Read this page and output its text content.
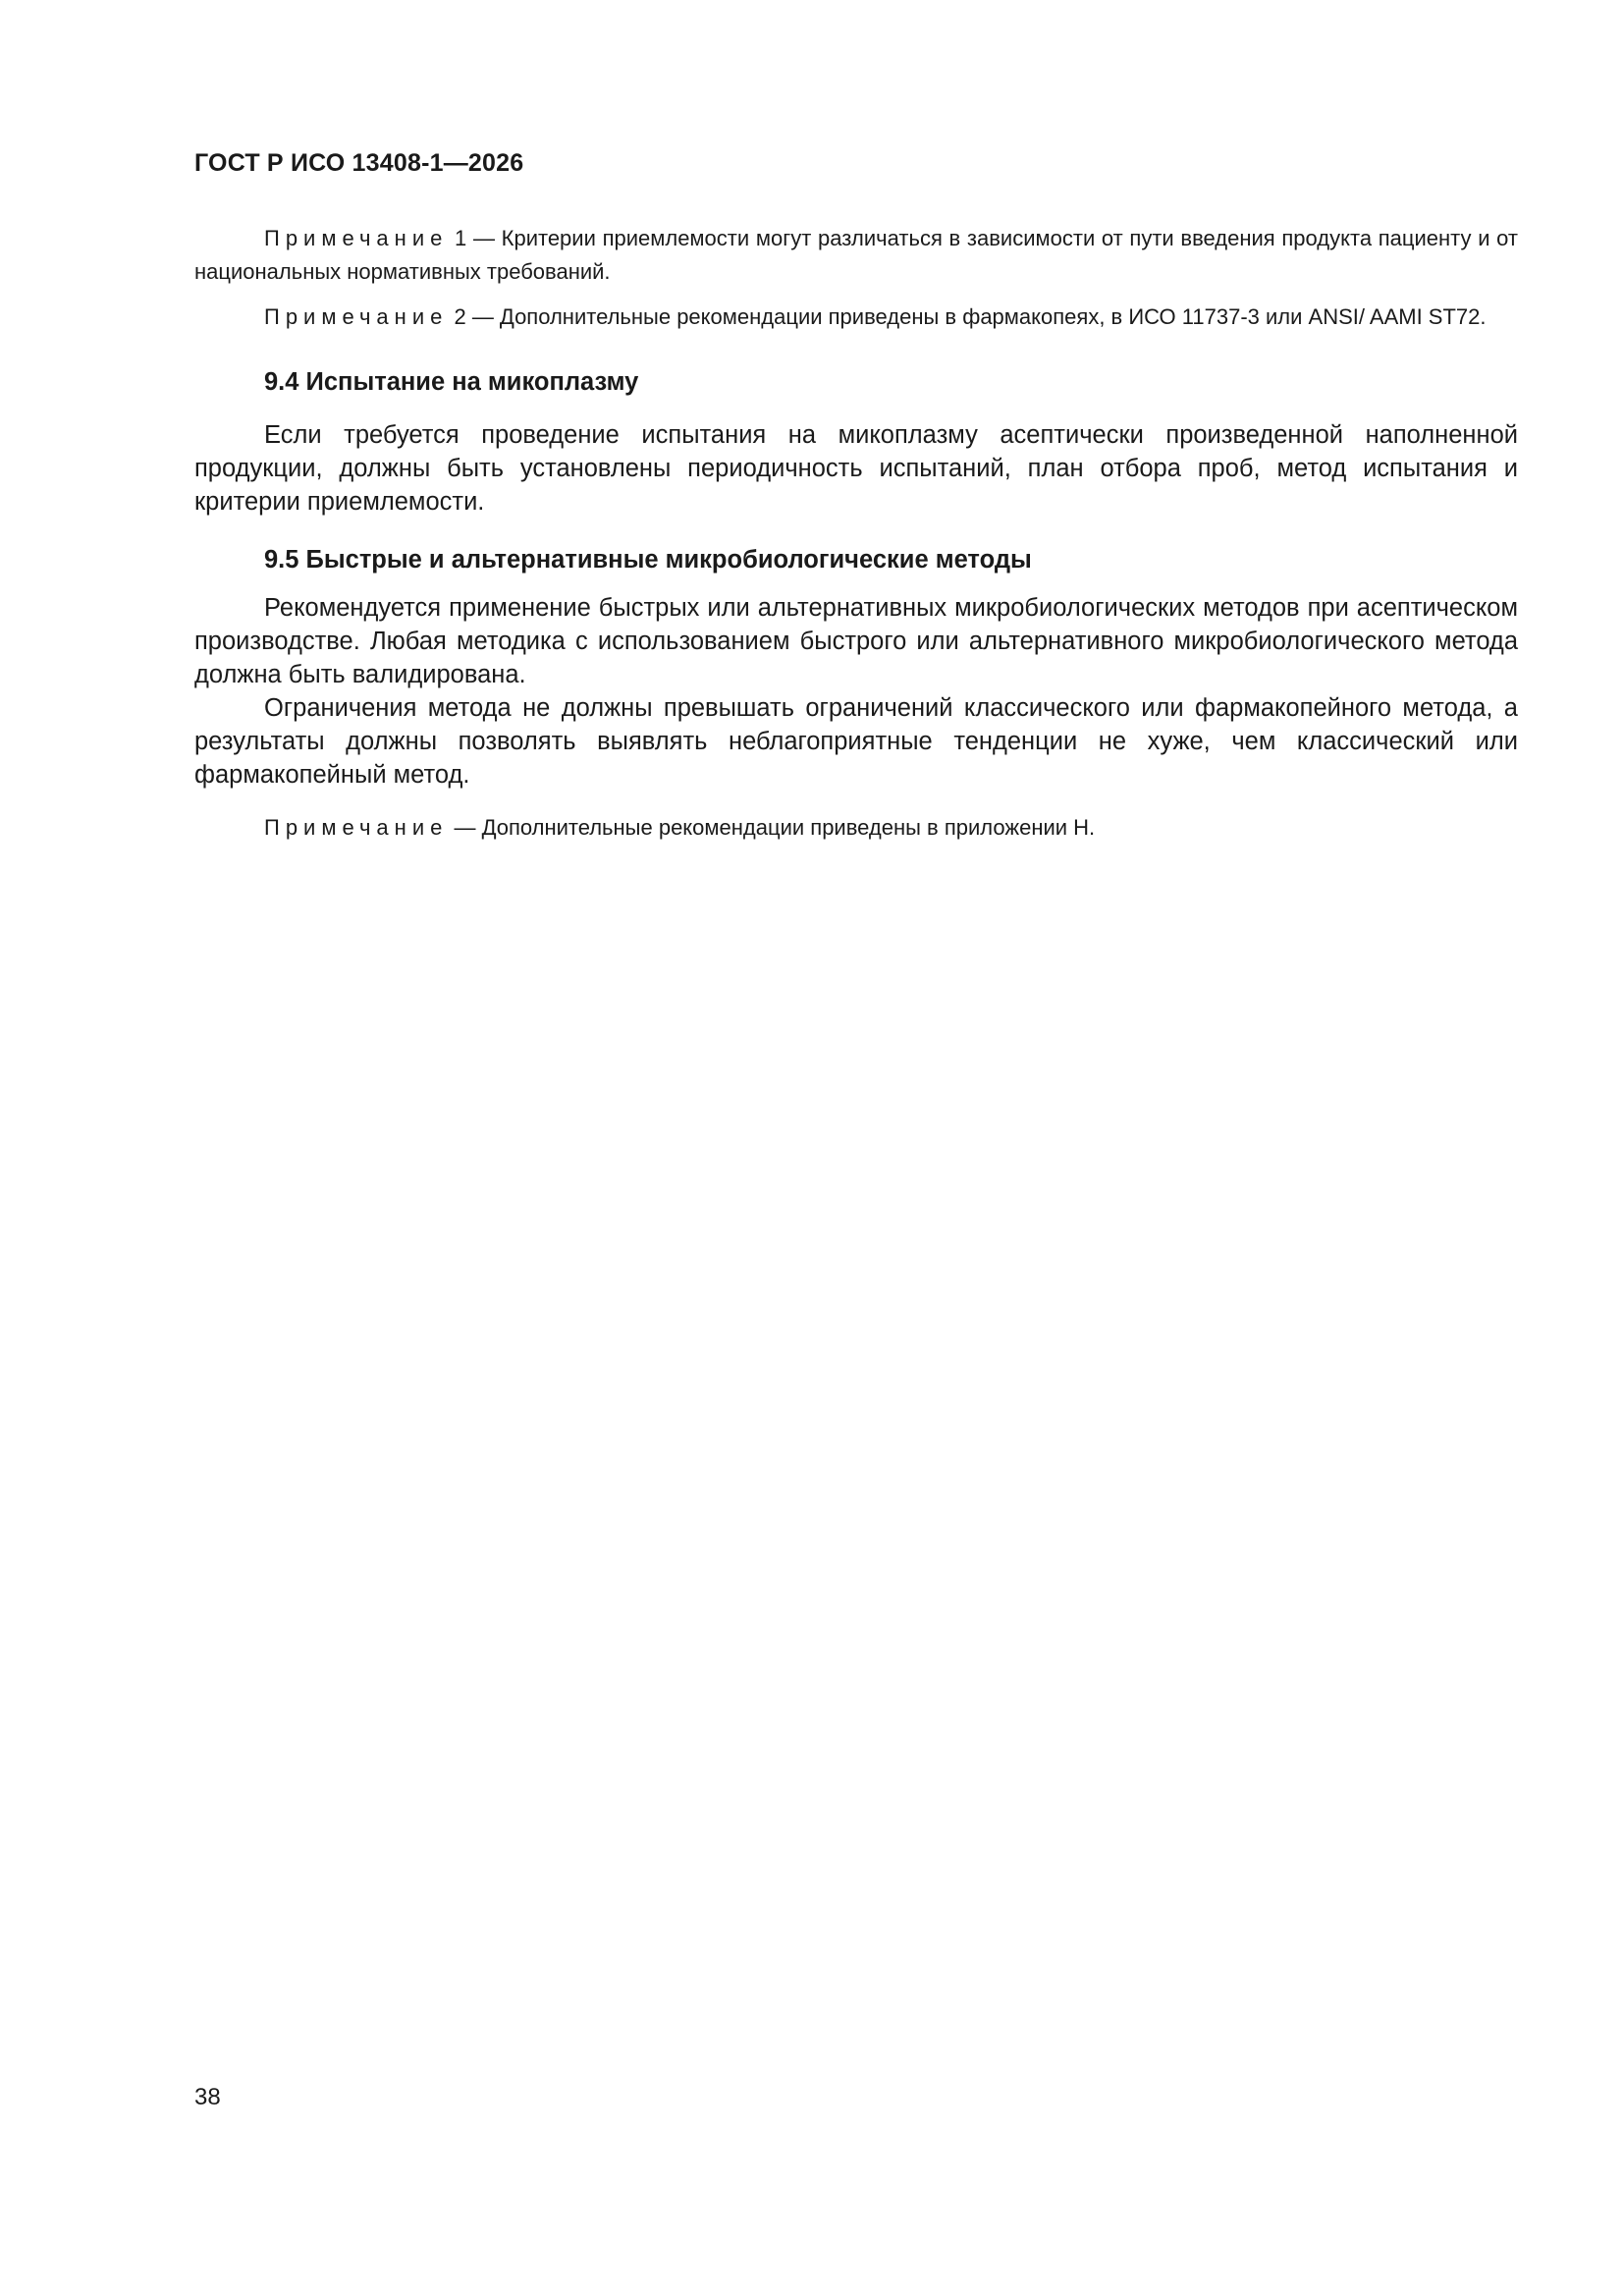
ГОСТ Р ИСО 13408-1—2026

Примечание 1 — Критерии приемлемости могут различаться в зависимости от пути введения продукта пациенту и от национальных нормативных требований.

Примечание 2 — Дополнительные рекомендации приведены в фармакопеях, в ИСО 11737-3 или ANSI/ AAMI ST72.

9.4 Испытание на микоплазму

Если требуется проведение испытания на микоплазму асептически произведенной наполненной продукции, должны быть установлены периодичность испытаний, план отбора проб, метод испытания и критерии приемлемости.

9.5 Быстрые и альтернативные микробиологические методы

Рекомендуется применение быстрых или альтернативных микробиологических методов при асептическом производстве. Любая методика с использованием быстрого или альтернативного микробиологического метода должна быть валидирована.

Ограничения метода не должны превышать ограничений классического или фармакопейного метода, а результаты должны позволять выявлять неблагоприятные тенденции не хуже, чем классический или фармакопейный метод.

Примечание — Дополнительные рекомендации приведены в приложении Н.

38
